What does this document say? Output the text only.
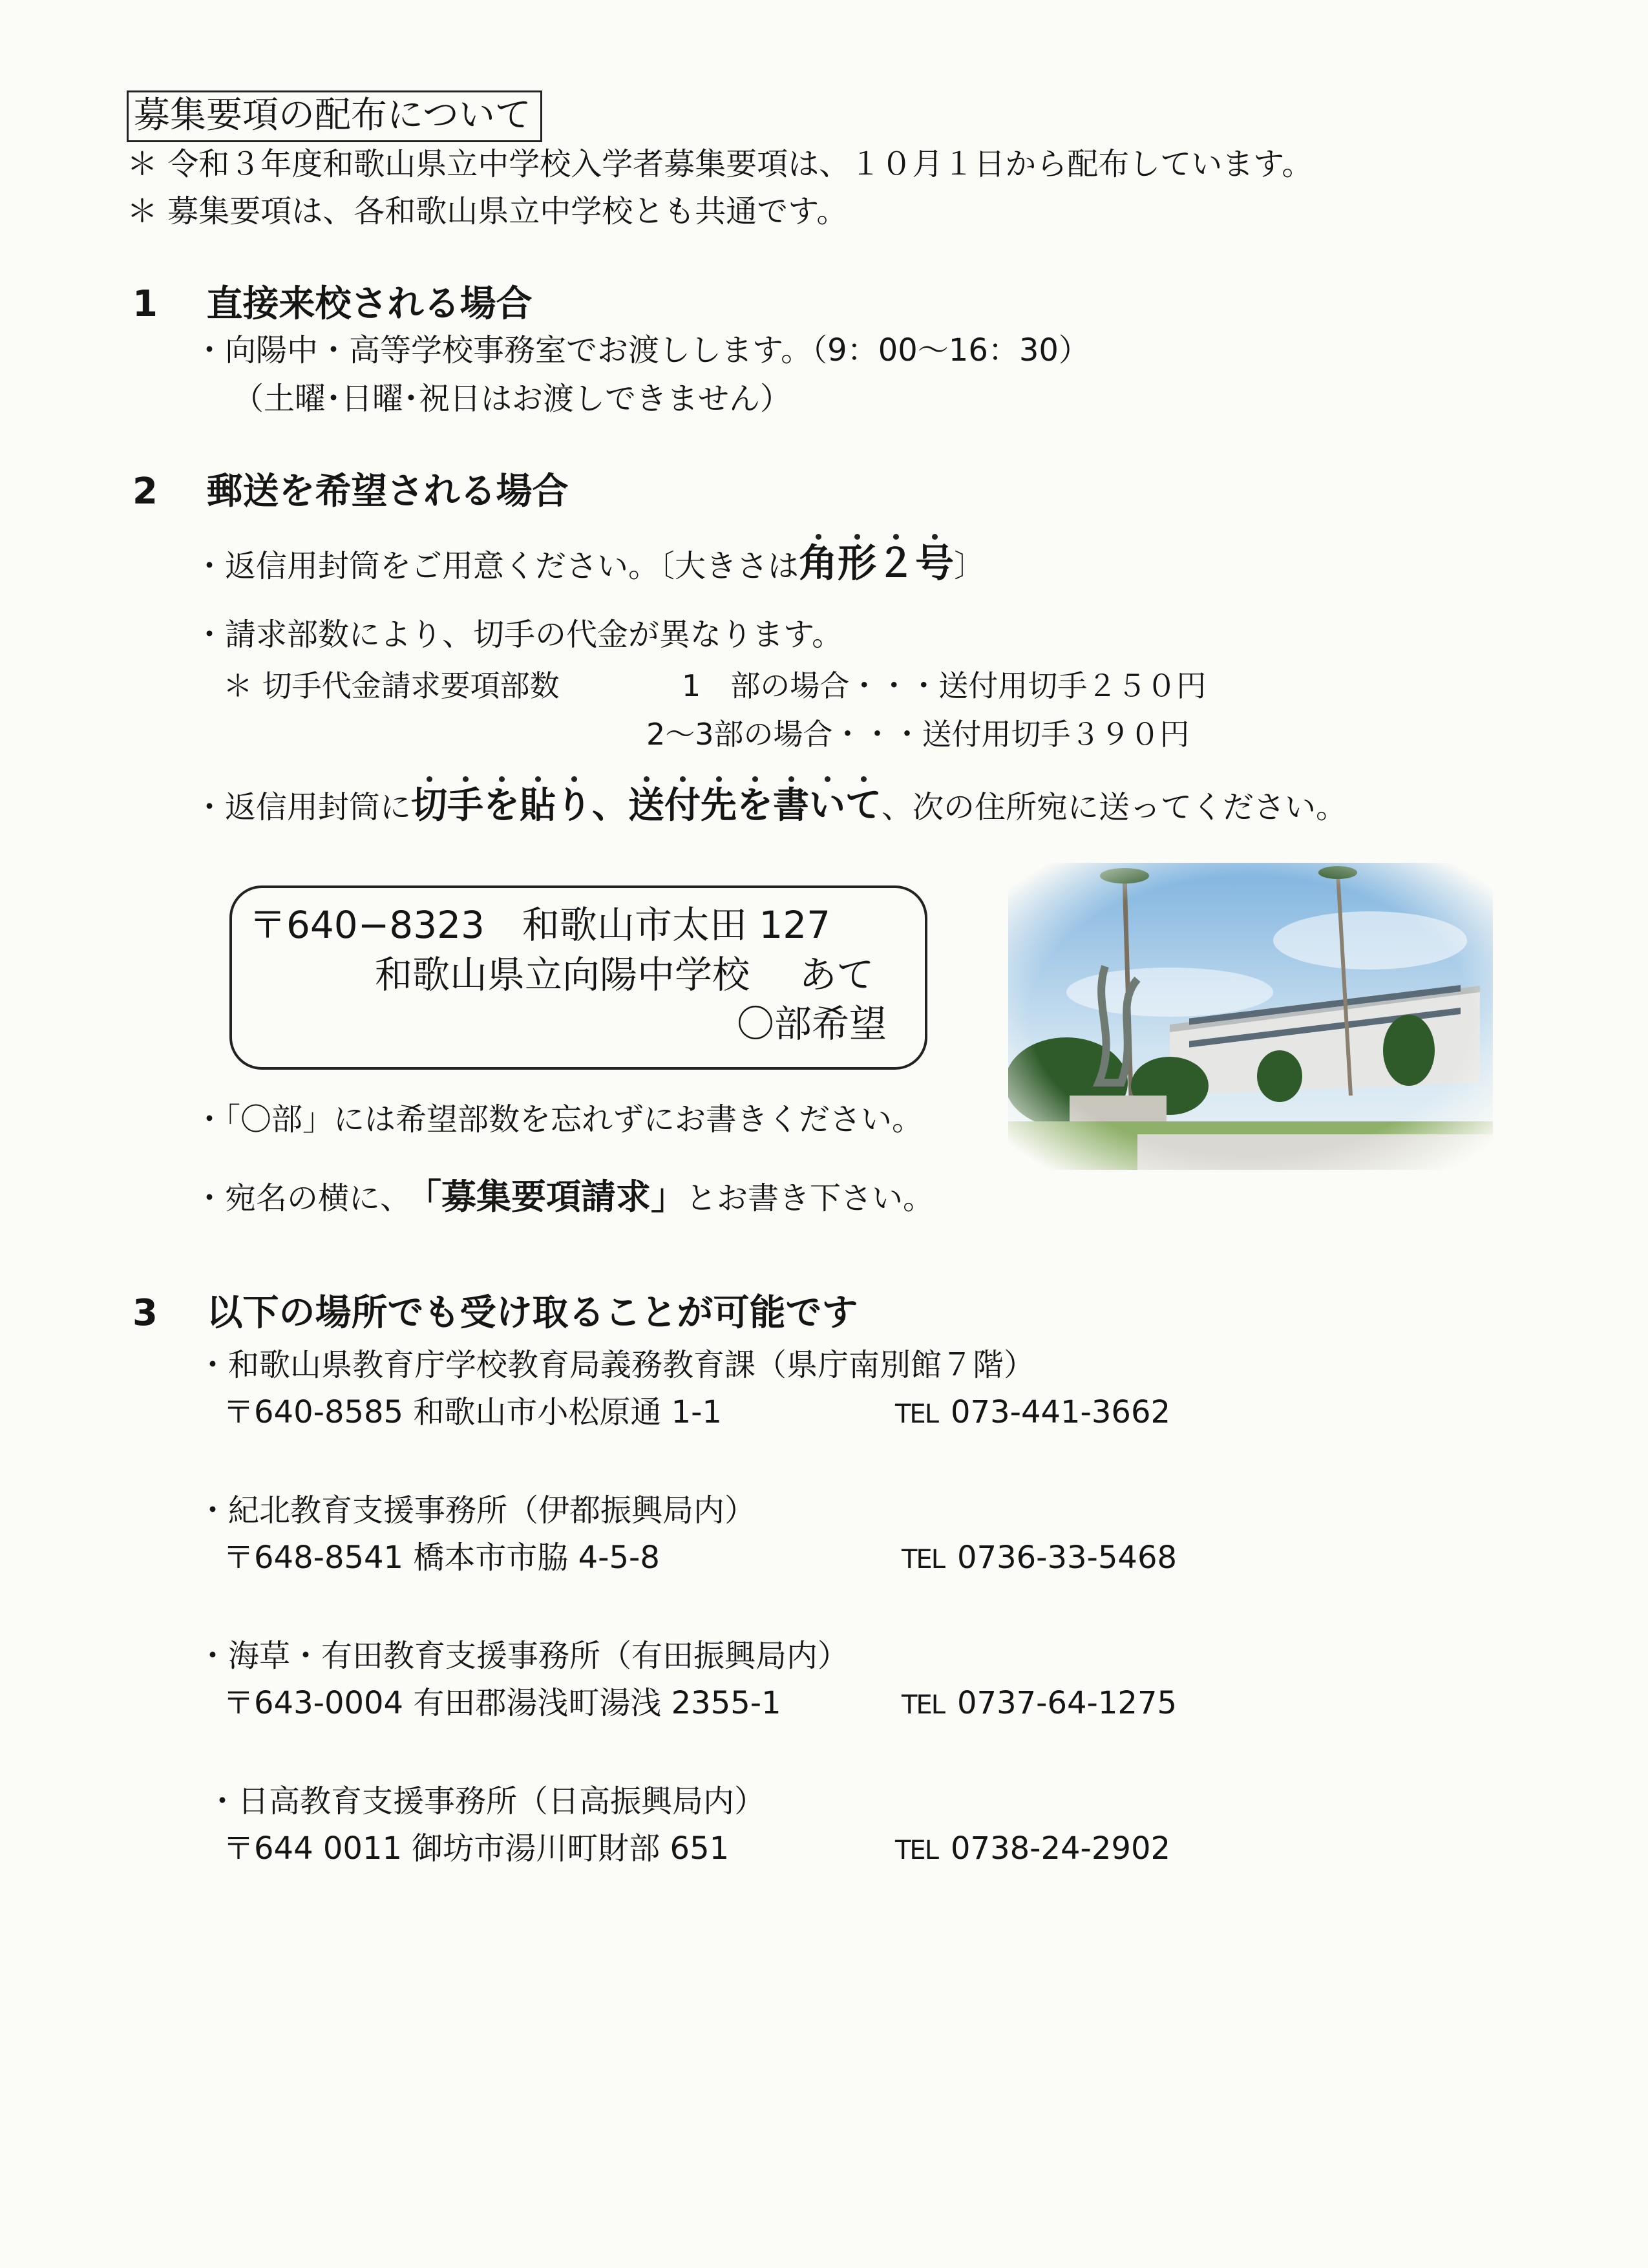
募集要項の配布について
＊ 令和３年度和歌山県立中学校入学者募集要項は、１０月１日から配布しています。
＊ 募集要項は、各和歌山県立中学校とも共通です。
1　 直接来校される場合
・向陽中・高等学校事務室でお渡しします。（9：00～16：30）
（土曜･日曜･祝日はお渡しできません）
2　 郵送を希望される場合
・返信用封筒をご用意ください。〔大きさは角形２号〕
・請求部数により、切手の代金が異なります。
＊ 切手代金請求要項部数	1　部の場合・・・送付用切手２５０円
2～3部の場合・・・送付用切手３９０円
・返信用封筒に切手を貼り、送付先を書いて、次の住所宛に送ってください。
〒640−8323　和歌山市太田 127
和歌山県立向陽中学校　 あて
〇部希望
・「〇部」には希望部数を忘れずにお書きください。
・宛名の横に、 「募集要項請求」とお書き下さい。
3　 以下の場所でも受け取ることが可能です
・和歌山県教育庁学校教育局義務教育課（県庁南別館７階）
〒640-8585 和歌山市小松原通 1-1	TEL 073-441-3662
・紀北教育支援事務所（伊都振興局内）
〒648-8541 橋本市市脇 4-5-8	TEL 0736-33-5468
・海草・有田教育支援事務所（有田振興局内）
〒643-0004 有田郡湯浅町湯浅 2355-1	TEL 0737-64-1275
・日高教育支援事務所（日高振興局内）
〒644 0011 御坊市湯川町財部 651	TEL 0738-24-2902
